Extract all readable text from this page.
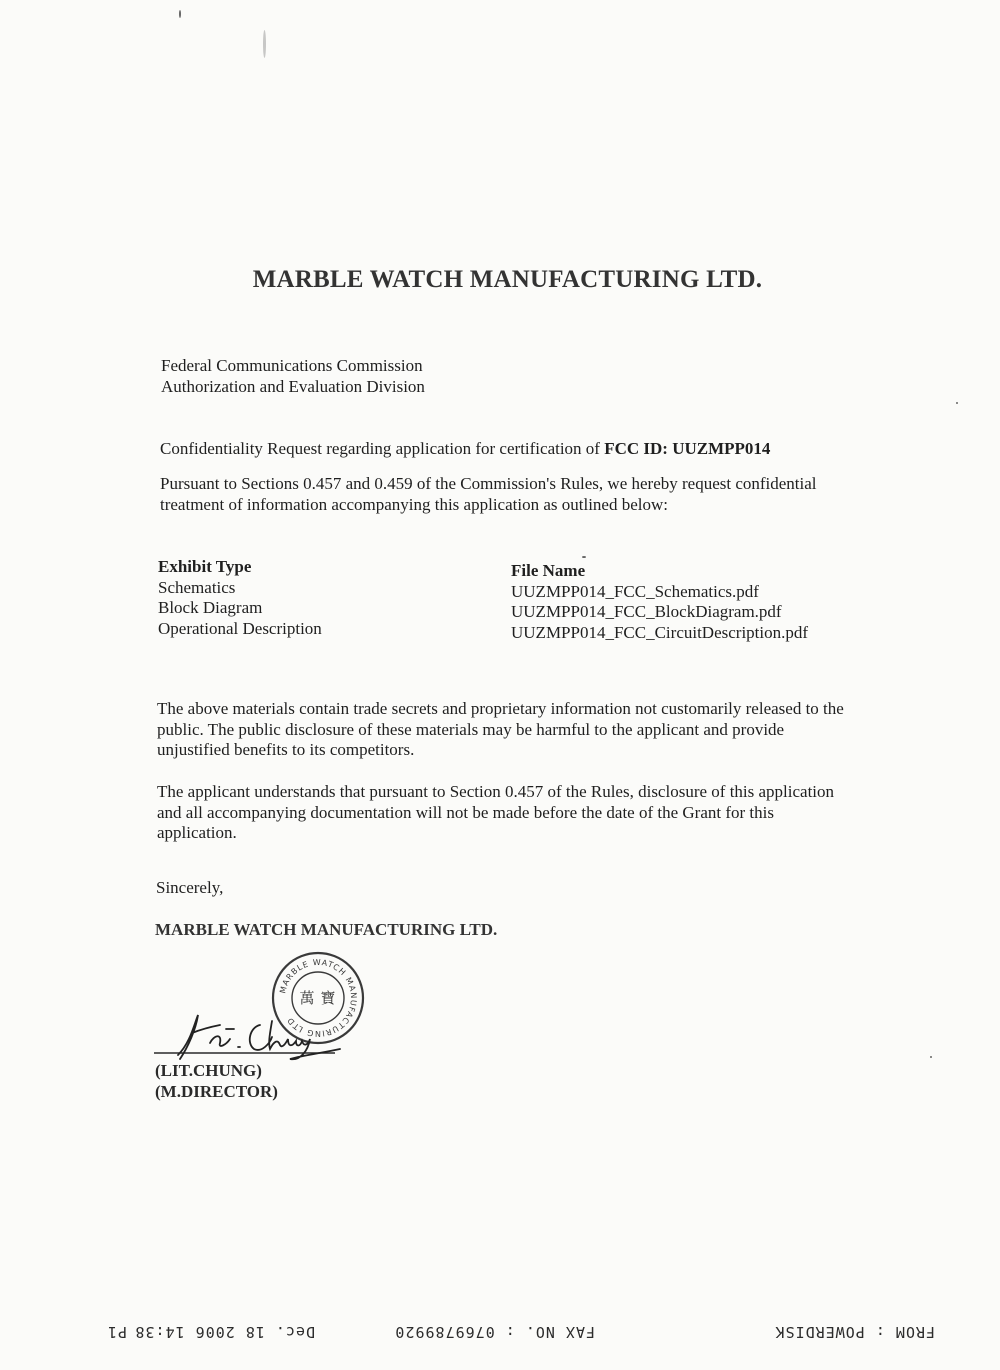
MARBLE WATCH MANUFACTURING LTD.
Federal Communications Commission
Authorization and Evaluation Division
Confidentiality Request regarding application for certification of FCC ID: UUZMPP014
Pursuant to Sections 0.457 and 0.459 of the Commission's Rules, we hereby request confidential treatment of information accompanying this application as outlined below:
Exhibit Type
Schematics
Block Diagram
Operational Description
File Name
UUZMPP014_FCC_Schematics.pdf
UUZMPP014_FCC_BlockDiagram.pdf
UUZMPP014_FCC_CircuitDescription.pdf
The above materials contain trade secrets and proprietary information not customarily released to the public. The public disclosure of these materials may be harmful to the applicant and provide unjustified benefits to its competitors.
The applicant understands that pursuant to Section 0.457 of the Rules, disclosure of this application and all accompanying documentation will not be made before the date of the Grant for this application.
Sincerely,
MARBLE WATCH MANUFACTURING LTD.
MARBLE WATCH MANUFACTURING LTD
萬 寶
(LIT.CHUNG)
(M.DIRECTOR)
FROM : POWERDISK
FAX NO. : 0769789920
Dec. 18 2006 14:38
P1
